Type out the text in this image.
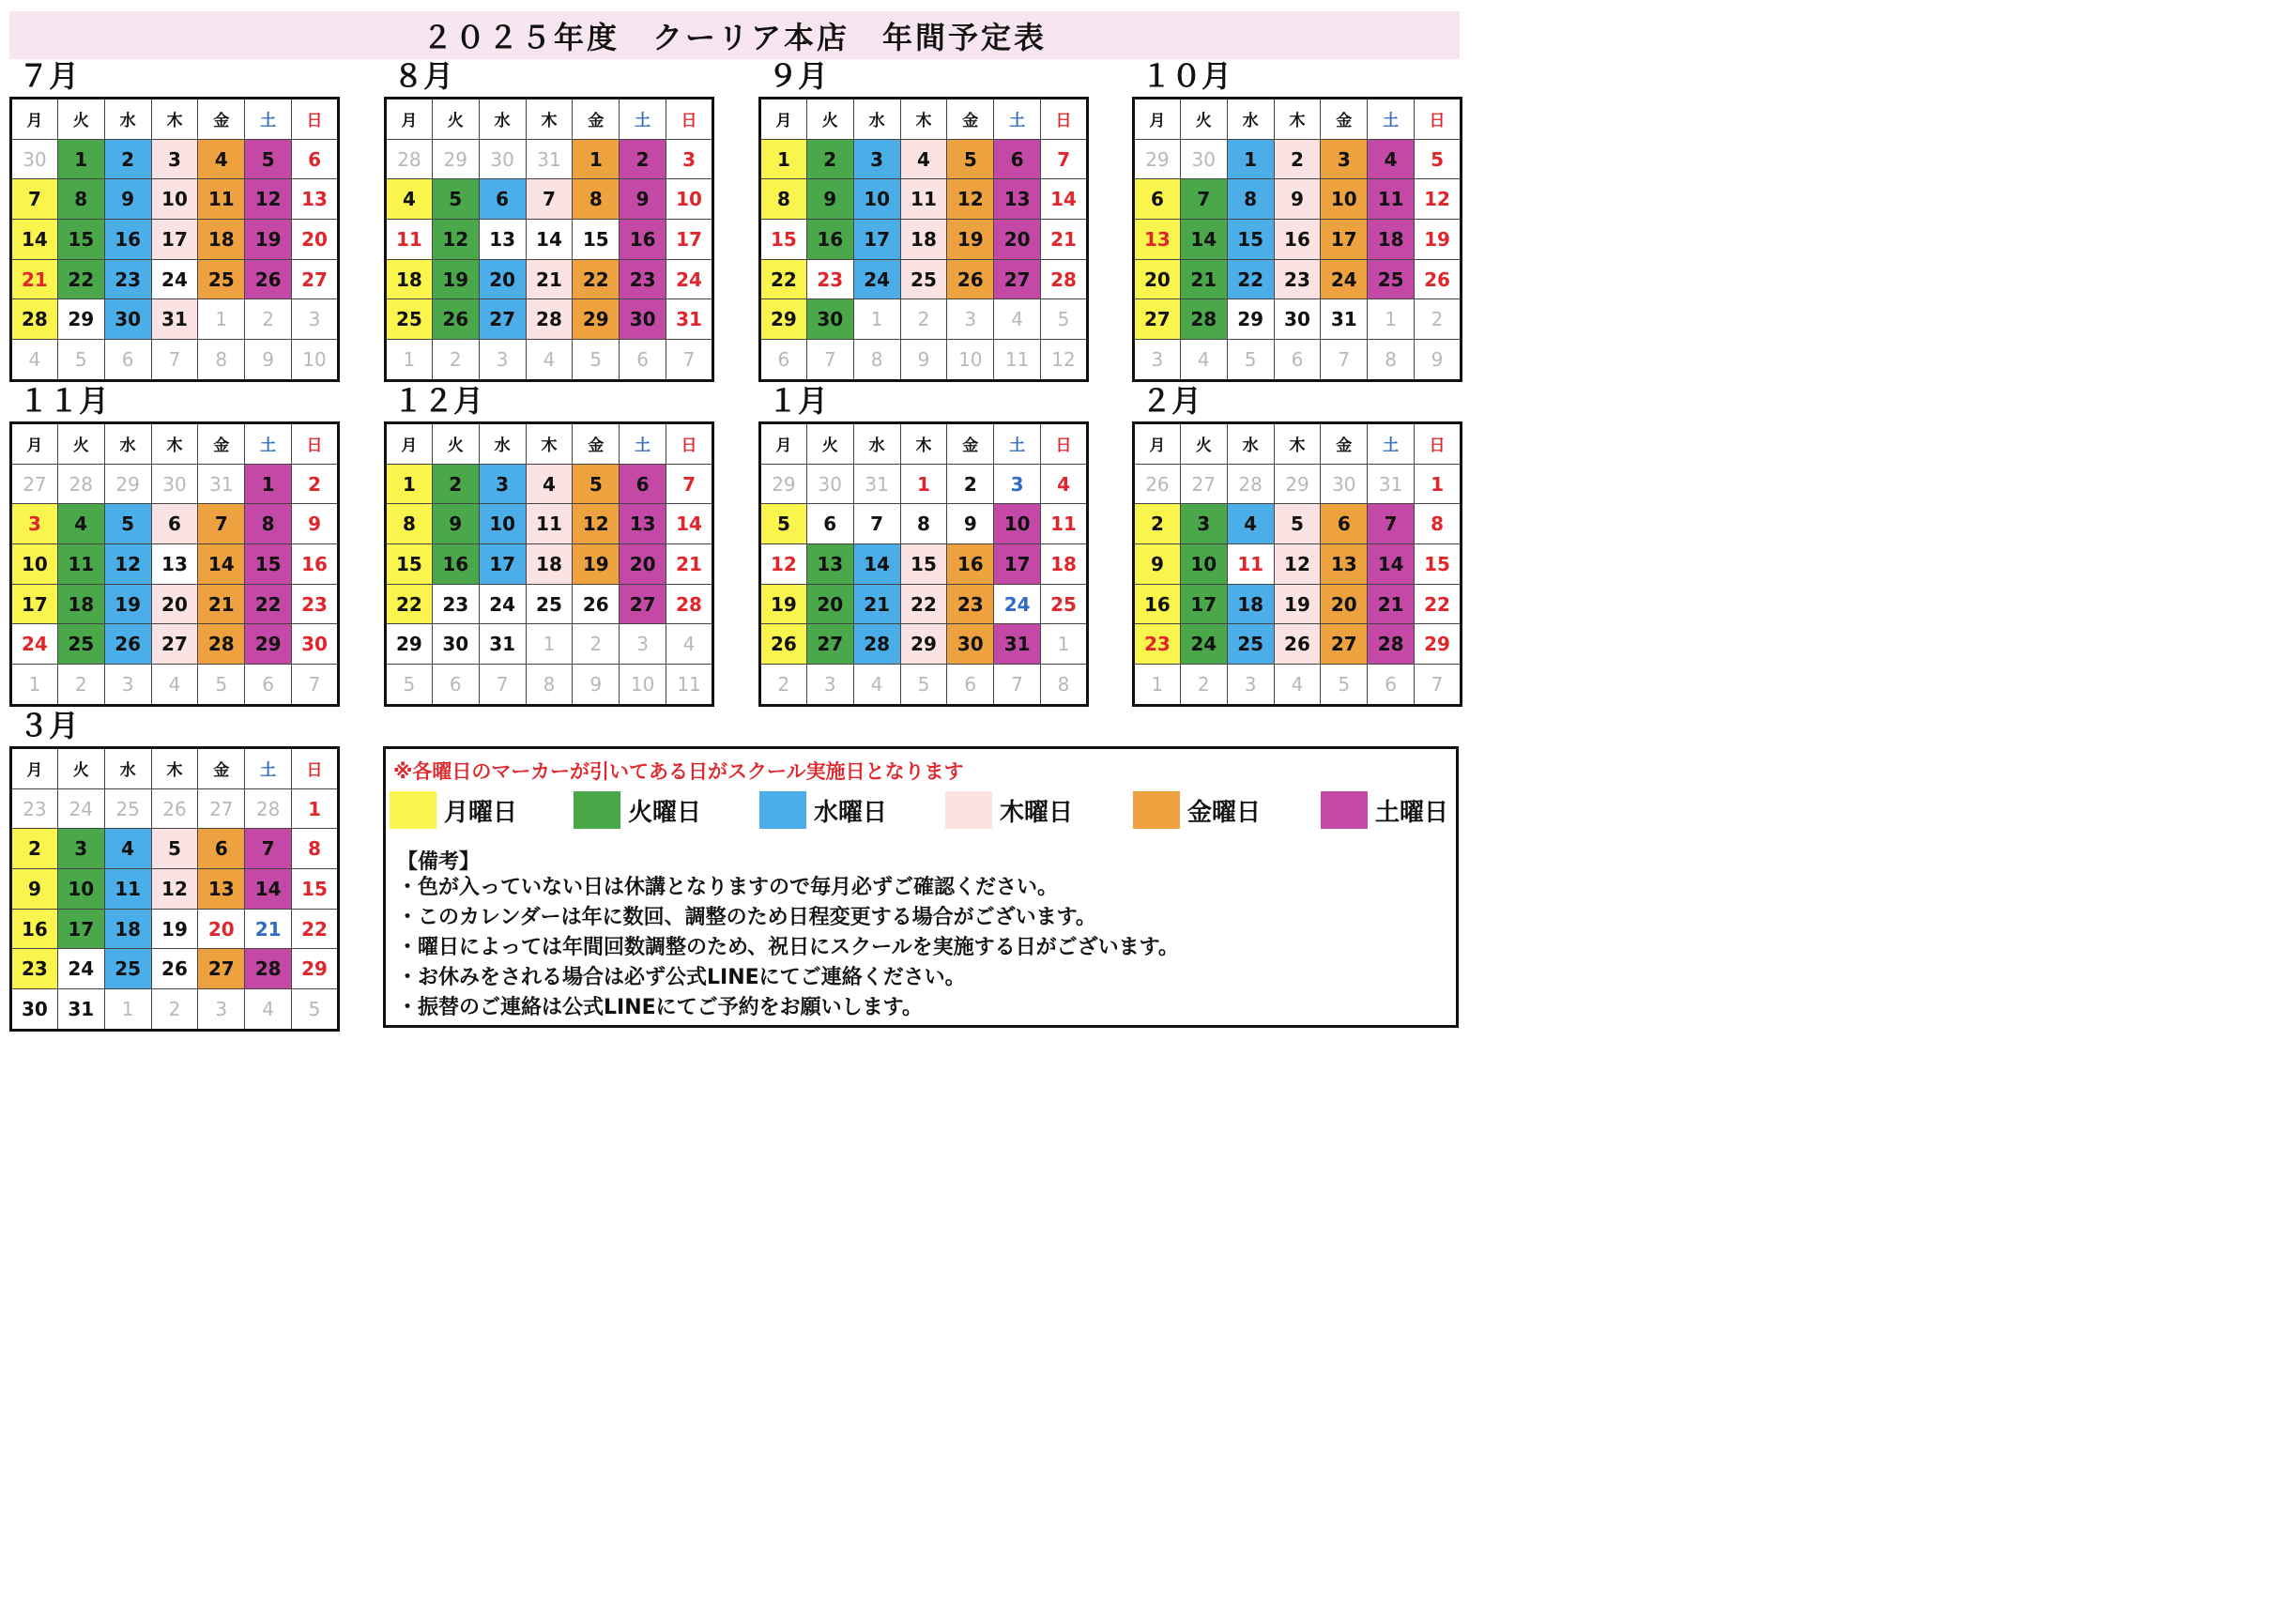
２０２５年度　クーリア本店　年間予定表
７月
月	火	水	木	金	土	日
30	1	2	3	4	5	6
7	8	9	10	11	12	13
14	15	16	17	18	19	20
21	22	23	24	25	26	27
28	29	30	31	1	2	3
4	5	6	7	8	9	10
８月
月	火	水	木	金	土	日
28	29	30	31	1	2	3
4	5	6	7	8	9	10
11	12	13	14	15	16	17
18	19	20	21	22	23	24
25	26	27	28	29	30	31
1	2	3	4	5	6	7
９月
月	火	水	木	金	土	日
1	2	3	4	5	6	7
8	9	10	11	12	13	14
15	16	17	18	19	20	21
22	23	24	25	26	27	28
29	30	1	2	3	4	5
6	7	8	9	10	11	12
１０月
月	火	水	木	金	土	日
29	30	1	2	3	4	5
6	7	8	9	10	11	12
13	14	15	16	17	18	19
20	21	22	23	24	25	26
27	28	29	30	31	1	2
3	4	5	6	7	8	9
１１月
月	火	水	木	金	土	日
27	28	29	30	31	1	2
3	4	5	6	7	8	9
10	11	12	13	14	15	16
17	18	19	20	21	22	23
24	25	26	27	28	29	30
1	2	3	4	5	6	7
１２月
月	火	水	木	金	土	日
1	2	3	4	5	6	7
8	9	10	11	12	13	14
15	16	17	18	19	20	21
22	23	24	25	26	27	28
29	30	31	1	2	3	4
5	6	7	8	9	10	11
１月
月	火	水	木	金	土	日
29	30	31	1	2	3	4
5	6	7	8	9	10	11
12	13	14	15	16	17	18
19	20	21	22	23	24	25
26	27	28	29	30	31	1
2	3	4	5	6	7	8
２月
月	火	水	木	金	土	日
26	27	28	29	30	31	1
2	3	4	5	6	7	8
9	10	11	12	13	14	15
16	17	18	19	20	21	22
23	24	25	26	27	28	29
1	2	3	4	5	6	7
３月
月	火	水	木	金	土	日
23	24	25	26	27	28	1
2	3	4	5	6	7	8
9	10	11	12	13	14	15
16	17	18	19	20	21	22
23	24	25	26	27	28	29
30	31	1	2	3	4	5
※各曜日のマーカーが引いてある日がスクール実施日となります
月曜日	火曜日	水曜日	木曜日	金曜日	土曜日
【備考】
・色が入っていない日は休講となりますので毎月必ずご確認ください。
・このカレンダーは年に数回、調整のため日程変更する場合がございます。
・曜日によっては年間回数調整のため、祝日にスクールを実施する日がございます。
・お休みをされる場合は必ず公式LINEにてご連絡ください。
・振替のご連絡は公式LINEにてご予約をお願いします。
